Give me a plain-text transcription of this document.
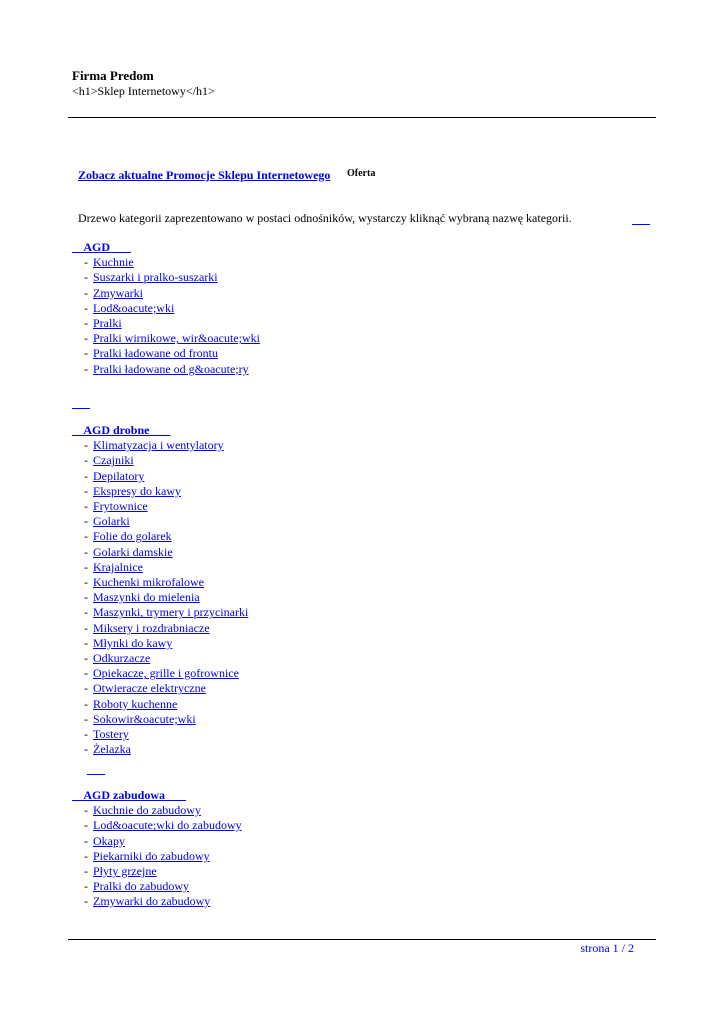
Firma Predom
<h1>Sklep Internetowy</h1>
Zobacz aktualne Promocje Sklepu Internetowego Oferta
Drzewo kategorii zaprezentowano w postaci odnośników, wystarczy kliknąć wybraną nazwę kategorii.	___
AGD
- Kuchnie
- Suszarki i pralko-suszarki
- Zmywarki
- Lod&oacute;wki
- Pralki
- Pralki wirnikowe, wir&oacute;wki
- Pralki ładowane od frontu
- Pralki ładowane od g&oacute;ry
___
AGD drobne
- Klimatyzacja i wentylatory
- Czajniki
- Depilatory
- Ekspresy do kawy
- Frytownice
- Golarki
- Folie do golarek
- Golarki damskie
- Krajalnice
- Kuchenki mikrofalowe
- Maszynki do mielenia
- Maszynki, trymery i przycinarki
- Miksery i rozdrabniacze
- Młynki do kawy
- Odkurzacze
- Opiekacze, grille i gofrownice
- Otwieracze elektryczne
- Roboty kuchenne
- Sokowir&oacute;wki
- Tostery
- Żelazka
___
AGD zabudowa
- Kuchnie do zabudowy
- Lod&oacute;wki do zabudowy
- Okapy
- Piekarniki do zabudowy
- Płyty grzejne
- Pralki do zabudowy
- Zmywarki do zabudowy
strona 1 / 2
